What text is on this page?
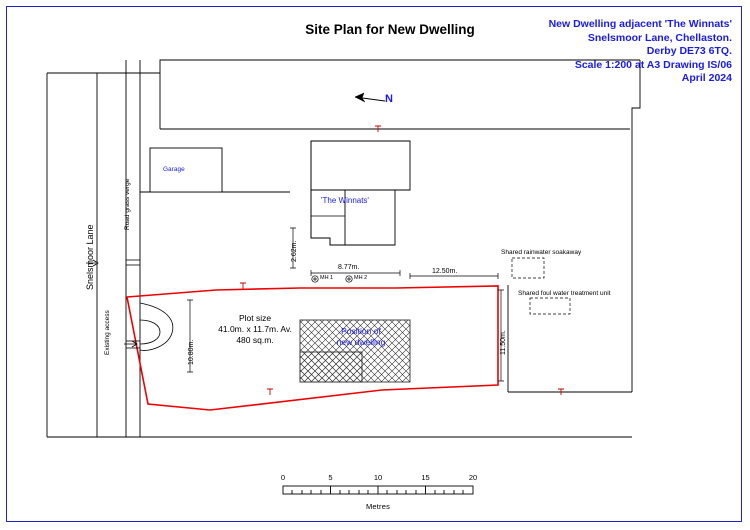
Site Plan for New Dwelling	New Dwelling adjacent 'The Winnats'
Snelsmoor Lane, Chellaston.
Derby DE73 6TQ.
Scale 1:200 at A3 Drawing IS/06
April 2024
N
Garage
'The Winnats'
Snelsmoor Lane
Road grass verge
Existing access
2.62m.
8.77m.
12.50m.
11.50m.
10.80m.
MH 1	MH 2
Shared rainwater soakaway
Shared foul water treatment unit
Plot size
41.0m. x 11.7m. Av.
480 sq.m.
Position of
new dwelling
0	5	10	15	20
Metres
